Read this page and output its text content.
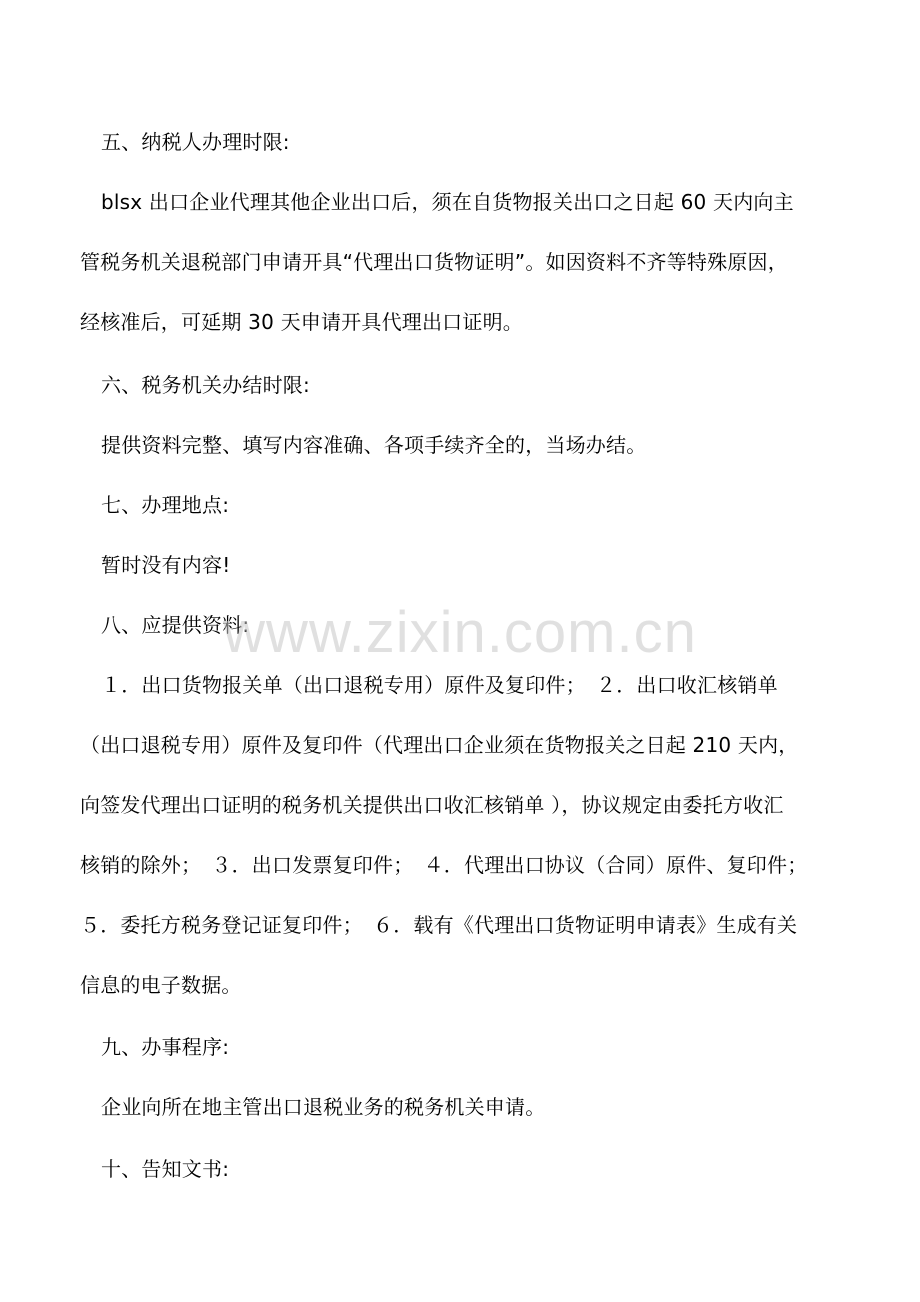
五、纳税人办理时限:
blsx 出口企业代理其他企业出口后，须在自货物报关出口之日起 60 天内向主
管税务机关退税部门申请开具“代理出口货物证明”。如因资料不齐等特殊原因，
经核准后，可延期 30 天申请开具代理出口证明。
六、税务机关办结时限:
提供资料完整、填写内容准确、各项手续齐全的，当场办结。
七、办理地点:
暂时没有内容!
八、应提供资料:
１．出口货物报关单（出口退税专用）原件及复印件；　２．出口收汇核销单
（出口退税专用）原件及复印件（代理出口企业须在货物报关之日起 210 天内，
向签发代理出口证明的税务机关提供出口收汇核销单 ），协议规定由委托方收汇
核销的除外；　３．出口发票复印件；　４．代理出口协议（合同）原件、复印件；
５．委托方税务登记证复印件；　６．载有《代理出口货物证明申请表》生成有关
信息的电子数据。
九、办事程序:
企业向所在地主管出口退税业务的税务机关申请。
十、告知文书:
www.zixin.com.cn
